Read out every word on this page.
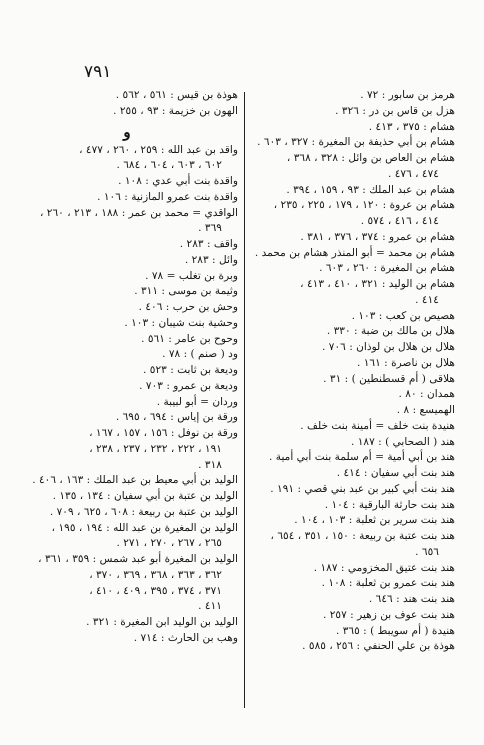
٧٩١
هرمز بن سابور : ٧٢ .
هزل بن قاس بن در : ٣٢٦ .
هشام : ٣٧٥ ، ٤١٣ .
هشام بن أبي حذيفة بن المغيرة : ٣٢٧ ، ٦٠٣ .
هشام بن العاص بن وائل : ٣٢٨ ، ٣٦٨ ،
٤٧٤ ، ٤٧٦ .
هشام بن عبد الملك : ٩٣ ، ١٥٩ ، ٣٩٤ .
هشام بن عروة : ١٢٠ ، ١٧٩ ، ٢٢٥ ، ٢٣٥ ،
٤١٤ ، ٤١٦ ، ٥٧٤ .
هشام بن عمرو : ٣٧٤ ، ٣٧٦ ، ٣٨١ .
هشام بن محمد = أبو المنذر هشام بن محمد .
هشام بن المغيرة : ٢٦٠ ، ٦٠٣ .
هشام بن الوليد : ٣٢١ ، ٤١٠ ، ٤١٣ ،
٤١٤ .
هصيص بن كعب : ١٠٣ .
هلال بن مالك بن ضبة : ٣٣٠ .
هلال بن هلال بن لوذان : ٧٠٦ .
هلال بن ناصرة : ١٦١ .
هلاقى ( أم قسطنطين ) : ٣١ .
همدان : ٨٠ .
الهميسع : ٨ .
هنيدة بنت خلف = أمينة بنت خلف .
هند ( الصحابي ) : ١٨٧ .
هند بن أبي أمية = أم سلمة بنت أبي أمية .
هند بنت أبي سفيان : ٤١٤ .
هند بنت أبي كبير بن عبد بني قصي : ١٩١ .
هند بنت حارثة البارقية : ١٠٤ .
هند بنت سرير بن ثعلبة : ١٠٣ ، ١٠٤ .
هند بنت عتبة بن ربيعة : ١٥٠ ، ٣٥١ ، ٦٥٤ ،
٦٥٦ .
هند بنت عتيق المخزومي : ١٨٧ .
هند بنت عمرو بن ثعلبة : ١٠٨ .
هند بنت هند : ٦٤٦ .
هند بنت عوف بن زهير : ٢٥٧ .
هنيدة ( أم سويبط ) : ٣٦٥ .
هوذة بن علي الحنفي : ٢٥٦ ، ٥٨٥ .
هوذة بن قيس : ٥٦١ ، ٥٦٢ .
الهون بن خزيمة : ٩٣ ، ٢٥٥ .
و
واقد بن عبد الله : ٢٥٩ ، ٢٦٠ ، ٤٧٧ ،
٦٠٢ ، ٦٠٣ ، ٦٠٤ ، ٦٨٤ .
واقدة بنت أبي عدي : ١٠٨ .
واقدة بنت عمرو المازنية : ١٠٦ .
الواقدي = محمد بن عمر : ١٨٨ ، ٢١٣ ، ٢٦٠ ،
٣٦٩ .
واقف : ٢٨٣ .
وائل : ٢٨٣ .
وبرة بن تغلب = ٧٨ .
وثيمة بن موسى : ٣١١ .
وحش بن حرب : ٤٠٦ .
وحشية بنت شيبان : ١٠٣ .
وحوح بن عامر : ٥٦١ .
ود ( صنم ) : ٧٨ .
وديعة بن ثابت : ٥٢٣ .
وديعة بن عمرو : ٧٠٣ .
وردان = أبو لبيبة .
ورقة بن إياس : ٦٩٤ ، ٦٩٥ .
ورقة بن نوفل : ١٥٦ ، ١٥٧ ، ١٦٧ ،
١٩١ ، ٢٢٢ ، ٢٣٢ ، ٢٣٧ ، ٢٣٨ ،
٣١٨ .
الوليد بن أبي معيط بن عبد الملك : ١٦٣ ، ٤٠٦ .
الوليد بن عتبة بن أبي سفيان : ١٣٤ ، ١٣٥ .
الوليد بن عتبة بن ربيعة : ٦٠٨ ، ٦٢٥ ، ٧٠٩ .
الوليد بن المغيرة بن عبد الله : ١٩٤ ، ١٩٥ ،
٢٦٥ ، ٢٦٧ ، ٢٧٠ ، ٢٧١ .
الوليد بن المغيرة أبو عبد شمس : ٣٥٩ ، ٣٦١ ،
٣٦٢ ، ٣٦٣ ، ٣٦٨ ، ٣٦٩ ، ٣٧٠ ،
٣٧١ ، ٣٧٤ ، ٣٩٥ ، ٤٠٩ ، ٤١٠ ،
٤١١ .
الوليد بن الوليد ابن المغيرة : ٣٢١ .
وهب بن الحارث : ٧١٤ .
